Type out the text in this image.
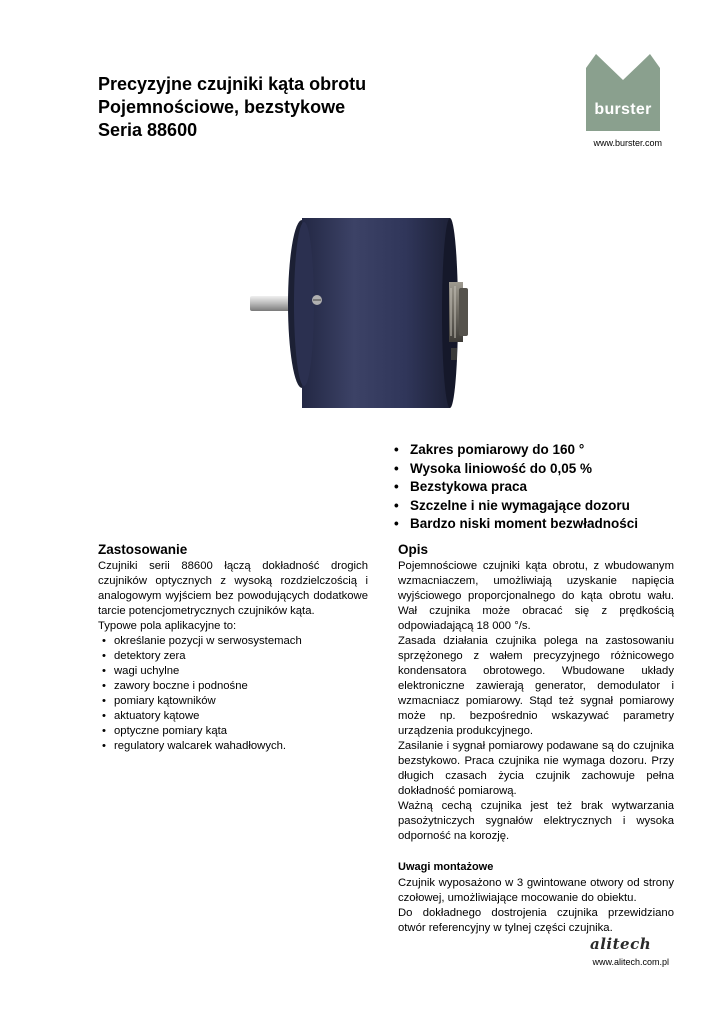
Precyzyjne czujniki kąta obrotu
Pojemnościowe, bezstykowe
Seria 88600
burster
www.burster.com
• Zakres pomiarowy do 160 °
• Wysoka liniowość do 0,05 %
• Bezstykowa praca
• Szczelne i nie wymagające dozoru
• Bardzo niski moment bezwładności
Zastosowanie

Czujniki serii 88600 łączą dokładność drogich czujników optycznych z wysoką rozdzielczością i analogowym wyjściem bez powodujących dodatkowe tarcie potencjometrycznych czujników kąta.

Typowe pola aplikacyjne to:

• określanie pozycji w serwosystemach
• detektory zera
• wagi uchylne
• zawory boczne i podnośne
• pomiary kątowników
• aktuatory kątowe
• optyczne pomiary kąta
• regulatory walcarek wahadłowych.
Opis

Pojemnościowe czujniki kąta obrotu, z wbudowanym wzmacniaczem, umożliwiają uzyskanie napięcia wyjściowego proporcjonalnego do kąta obrotu wału. Wał czujnika może obracać się z prędkością odpowiadającą 18 000 °/s.

Zasada działania czujnika polega na zastosowaniu sprzężonego z wałem precyzyjnego różnicowego kondensatora obrotowego. Wbudowane układy elektroniczne zawierają generator, demodulator i wzmacniacz pomiarowy. Stąd też sygnał pomiarowy może np. bezpośrednio wskazywać parametry urządzenia produkcyjnego.

Zasilanie i sygnał pomiarowy podawane są do czujnika bezstykowo. Praca czujnika nie wymaga dozoru. Przy długich czasach życia czujnik zachowuje pełna dokładność pomiarową.

Ważną cechą czujnika jest też brak wytwarzania pasożytniczych sygnałów elektrycznych i wysoka odporność na korozję.

Uwagi montażowe

Czujnik wyposażono w 3 gwintowane otwory od strony czołowej, umożliwiające mocowanie do obiektu.

Do dokładnego dostrojenia czujnika przewidziano otwór referencyjny w tylnej części czujnika.

alitech
www.alitech.com.pl
